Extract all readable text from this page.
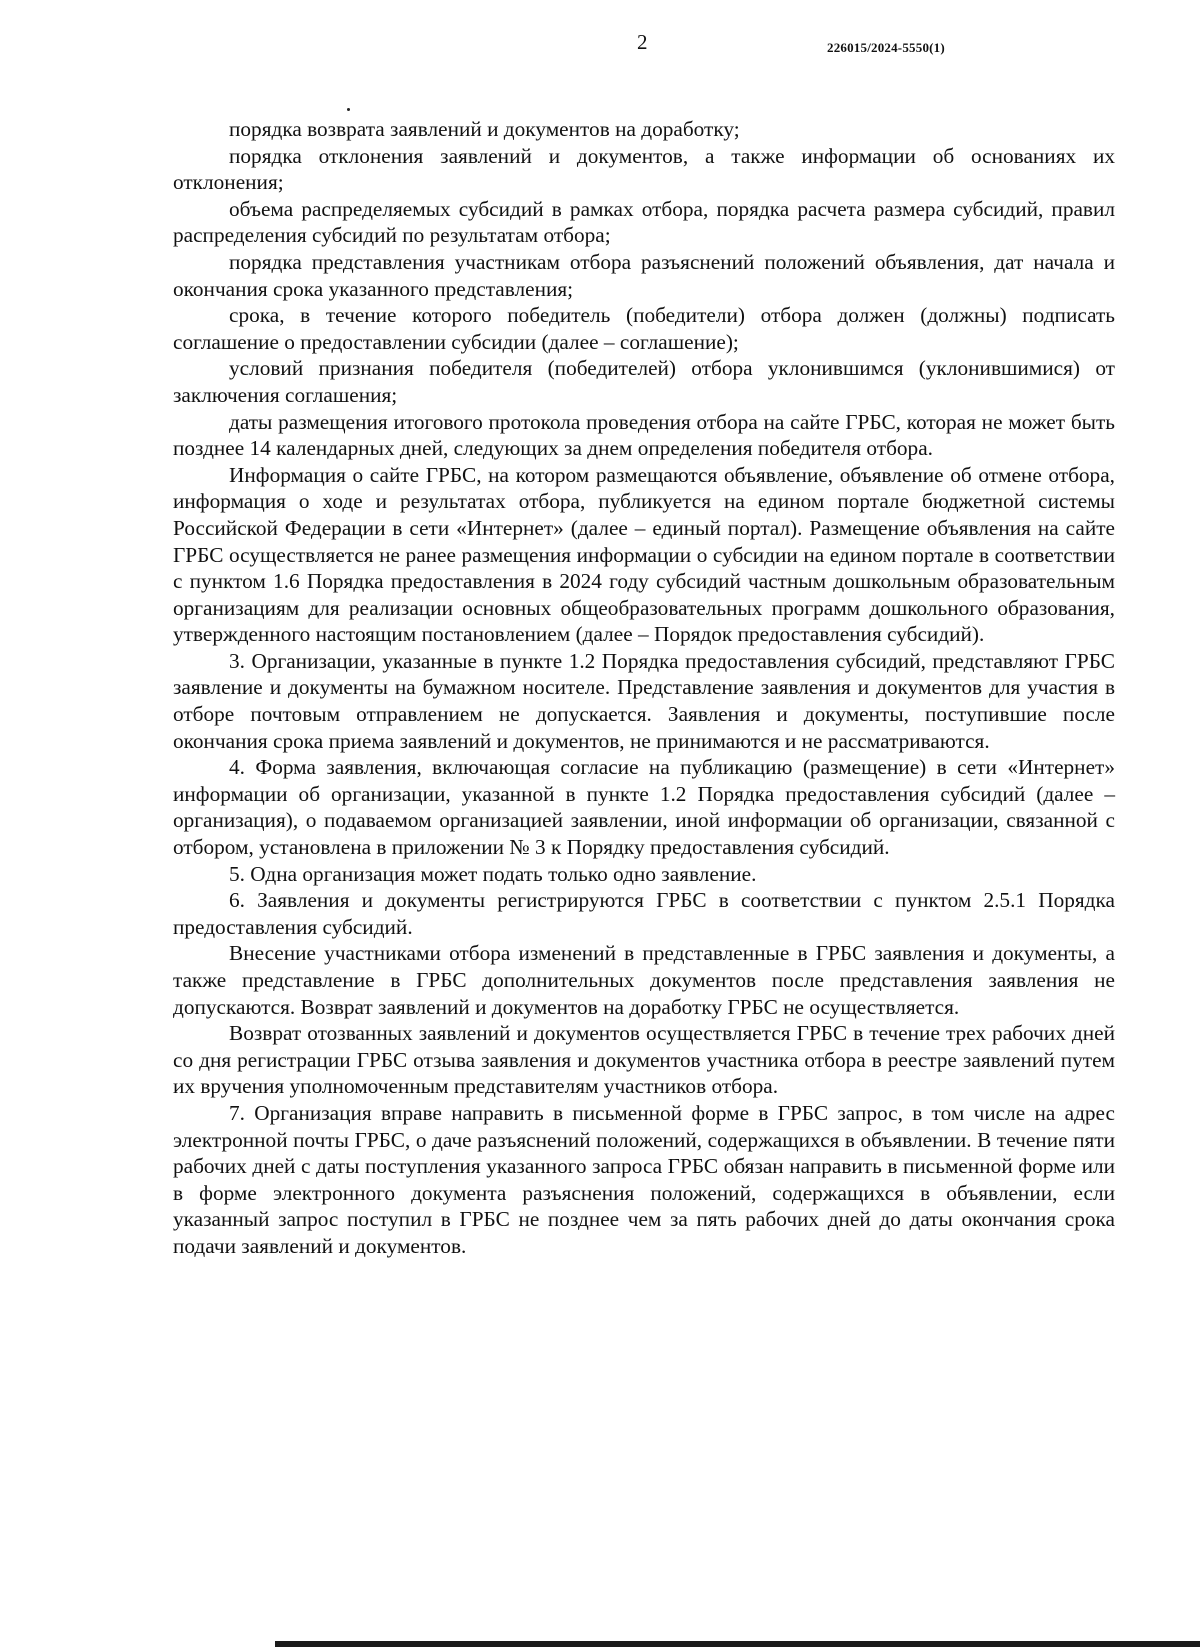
2	226015/2024-5550(1)

порядка возврата заявлений и документов на доработку;

порядка отклонения заявлений и документов, а также информации об основаниях их отклонения;

объема распределяемых субсидий в рамках отбора, порядка расчета размера субсидий, правил распределения субсидий по результатам отбора;

порядка представления участникам отбора разъяснений положений объявления, дат начала и окончания срока указанного представления;

срока, в течение которого победитель (победители) отбора должен (должны) подписать соглашение о предоставлении субсидии (далее – соглашение);

условий признания победителя (победителей) отбора уклонившимся (уклонившимися) от заключения соглашения;

даты размещения итогового протокола проведения отбора на сайте ГРБС, которая не может быть позднее 14 календарных дней, следующих за днем определения победителя отбора.

Информация о сайте ГРБС, на котором размещаются объявление, объявление об отмене отбора, информация о ходе и результатах отбора, публикуется на едином портале бюджетной системы Российской Федерации в сети «Интернет» (далее – единый портал). Размещение объявления на сайте ГРБС осуществляется не ранее размещения информации о субсидии на едином портале в соответствии с пунктом 1.6 Порядка предоставления в 2024 году субсидий частным дошкольным образовательным организациям для реализации основных общеобразовательных программ дошкольного образования, утвержденного настоящим постановлением (далее – Порядок предоставления субсидий).

3. Организации, указанные в пункте 1.2 Порядка предоставления субсидий, представляют ГРБС заявление и документы на бумажном носителе. Представление заявления и документов для участия в отборе почтовым отправлением не допускается. Заявления и документы, поступившие после окончания срока приема заявлений и документов, не принимаются и не рассматриваются.

4. Форма заявления, включающая согласие на публикацию (размещение) в сети «Интернет» информации об организации, указанной в пункте 1.2 Порядка предоставления субсидий (далее – организация), о подаваемом организацией заявлении, иной информации об организации, связанной с отбором, установлена в приложении № 3 к Порядку предоставления субсидий.

5. Одна организация может подать только одно заявление.

6. Заявления и документы регистрируются ГРБС в соответствии с пунктом 2.5.1 Порядка предоставления субсидий.

Внесение участниками отбора изменений в представленные в ГРБС заявления и документы, а также представление в ГРБС дополнительных документов после представления заявления не допускаются. Возврат заявлений и документов на доработку ГРБС не осуществляется.

Возврат отозванных заявлений и документов осуществляется ГРБС в течение трех рабочих дней со дня регистрации ГРБС отзыва заявления и документов участника отбора в реестре заявлений путем их вручения уполномоченным представителям участников отбора.

7. Организация вправе направить в письменной форме в ГРБС запрос, в том числе на адрес электронной почты ГРБС, о даче разъяснений положений, содержащихся в объявлении. В течение пяти рабочих дней с даты поступления указанного запроса ГРБС обязан направить в письменной форме или в форме электронного документа разъяснения положений, содержащихся в объявлении, если указанный запрос поступил в ГРБС не позднее чем за пять рабочих дней до даты окончания срока подачи заявлений и документов.
